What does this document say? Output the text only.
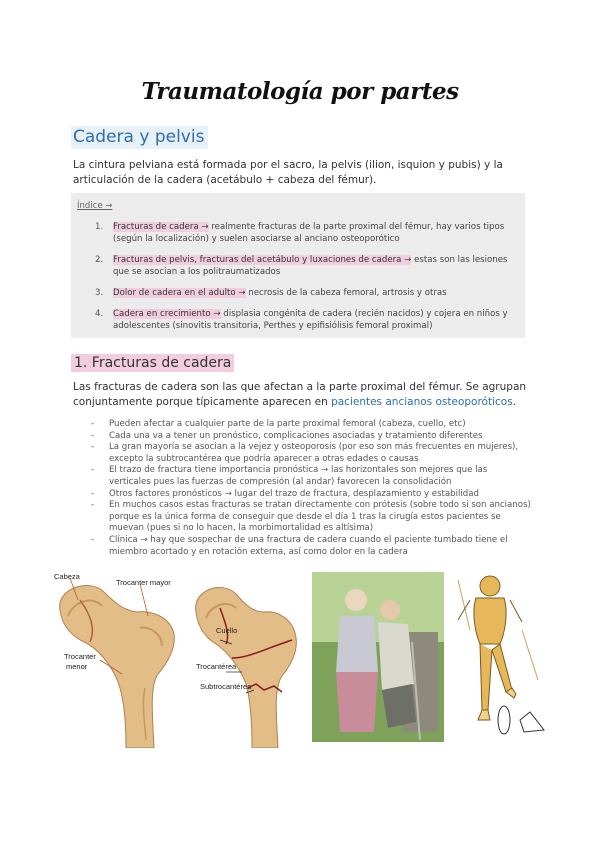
Traumatología por partes
Cadera y pelvis
La cintura pelviana está formada por el sacro, la pelvis (ilion, isquion y pubis) y la articulación de la cadera (acetábulo + cabeza del fémur).
Índice →
1. Fracturas de cadera → realmente fracturas de la parte proximal del fémur, hay varios tipos (según la localización) y suelen asociarse al anciano osteoporótico
2. Fracturas de pelvis, fracturas del acetábulo y luxaciones de cadera → estas son las lesiones que se asocian a los politraumatizados
3. Dolor de cadera en el adulto → necrosis de la cabeza femoral, artrosis y otras
4. Cadera en crecimiento → displasia congénita de cadera (recién nacidos) y cojera en niños y adolescentes (sinovitis transitoria, Perthes y epifisiólisis femoral proximal)
1. Fracturas de cadera
Las fracturas de cadera son las que afectan a la parte proximal del fémur. Se agrupan conjuntamente porque típicamente aparecen en pacientes ancianos osteoporóticos.
- Pueden afectar a cualquier parte de la parte proximal femoral (cabeza, cuello, etc)
- Cada una va a tener un pronóstico, complicaciones asociadas y tratamiento diferentes
- La gran mayoría se asocian a la vejez y osteoporosis (por eso son más frecuentes en mujeres), excepto la subtrocantérea que podría aparecer a otras edades o causas
- El trazo de fractura tiene importancia pronóstica → las horizontales son mejores que las verticales pues las fuerzas de compresión (al andar) favorecen la consolidación
- Otros factores pronósticos → lugar del trazo de fractura, desplazamiento y estabilidad
- En muchos casos estas fracturas se tratan directamente con prótesis (sobre todo si son ancianos) porque es la única forma de conseguir que desde el día 1 tras la cirugía estos pacientes se muevan (pues si no lo hacen, la morbimortalidad es altísima)
- Clínica → hay que sospechar de una fractura de cadera cuando el paciente tumbado tiene el miembro acortado y en rotación externa, así como dolor en la cadera
Cabeza
Trocanter mayor
Trocanter
menor
Cuello
Trocantérea
Subtrocantérea
